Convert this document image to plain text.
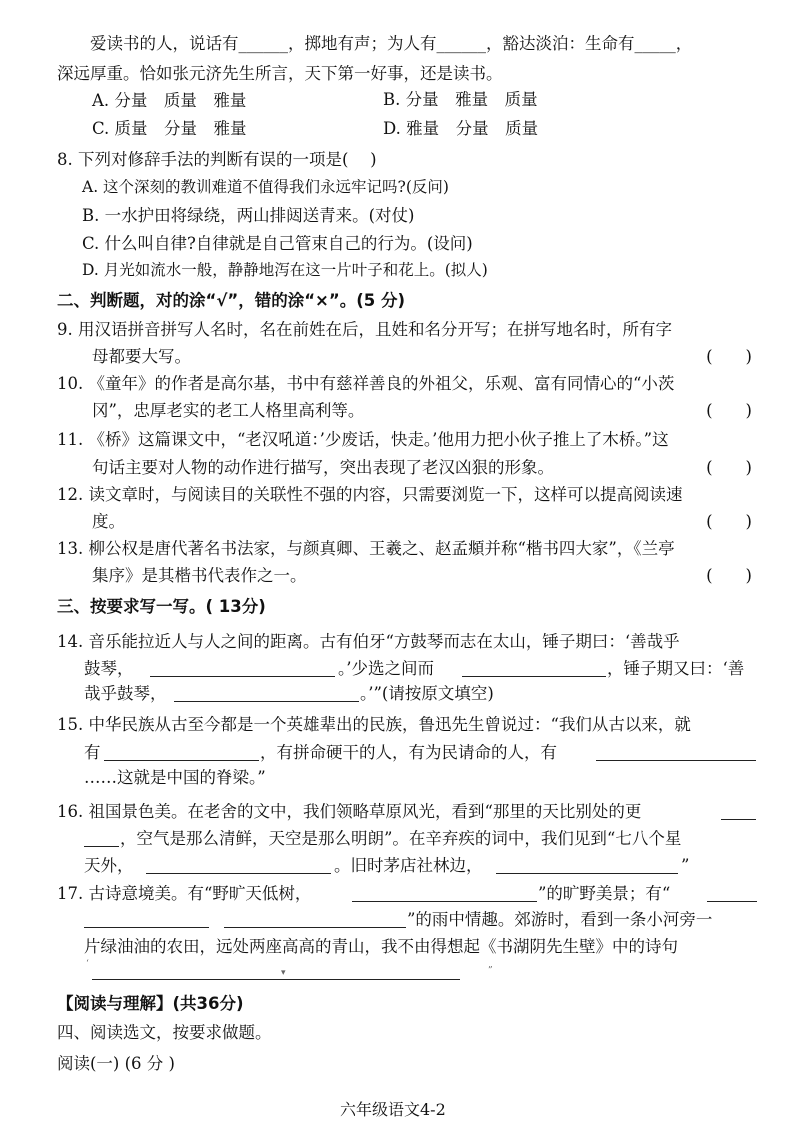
爱读书的人，说话有______，掷地有声；为人有______，豁达淡泊：生命有_____，
深远厚重。恰如张元济先生所言，天下第一好事，还是读书。
A. 分量　质量　雅量	B. 分量　雅量　质量
C. 质量　分量　雅量	D. 雅量　分量　质量
8. 下列对修辞手法的判断有误的一项是(　 )
A. 这个深刻的教训难道不值得我们永远牢记吗?(反问)
B. 一水护田将绿绕，两山排闼送青来。(对仗)
C. 什么叫自律?自律就是自己管束自己的行为。(设问)
D. 月光如流水一般，静静地泻在这一片叶子和花上。(拟人)
二、判断题，对的涂“√”，错的涂“×”。(5 分)
9. 用汉语拼音拼写人名时，名在前姓在后，且姓和名分开写；在拼写地名时，所有字
母都要大写。	(　　)
10. 《童年》的作者是高尔基，书中有慈祥善良的外祖父，乐观、富有同情心的“小茨
冈”，忠厚老实的老工人格里高利等。	(　　)
11. 《桥》这篇课文中，“老汉吼道：’少废话，快走。’他用力把小伙子推上了木桥。”这
句话主要对人物的动作进行描写，突出表现了老汉凶狠的形象。	(　　)
12. 读文章时，与阅读目的关联性不强的内容，只需要浏览一下，这样可以提高阅读速
度。	(　　)
13. 柳公权是唐代著名书法家，与颜真卿、王羲之、赵孟頫并称“楷书四大家”，《兰亭
集序》是其楷书代表作之一。	(　　)
三、按要求写一写。( 13分)
14. 音乐能拉近人与人之间的距离。古有伯牙“方鼓琴而志在太山，锤子期曰：‘善哉乎
鼓琴，	。’少选之间而	，锤子期又曰：‘善
哉乎鼓琴，	。’”(请按原文填空)
15. 中华民族从古至今都是一个英雄辈出的民族，鲁迅先生曾说过：“我们从古以来，就
有	，有拼命硬干的人，有为民请命的人，有
……这就是中国的脊梁。”
16. 祖国景色美。在老舍的文中，我们领略草原风光，看到“那里的天比别处的更
，空气是那么清鲜，天空是那么明朗”。在辛弃疾的词中，我们见到“七八个星
天外，	。旧时茅店社林边，	”
17. 古诗意境美。有“野旷天低树，	”的旷野美景；有“
”的雨中情趣。郊游时，看到一条小河旁一
片绿油油的农田，远处两座高高的青山，我不由得想起《书湖阴先生壁》中的诗句
‘
▾	”
【阅读与理解】(共36分)
四、阅读选文，按要求做题。
阅读(一) (6 分 )
六年级语文4-2
